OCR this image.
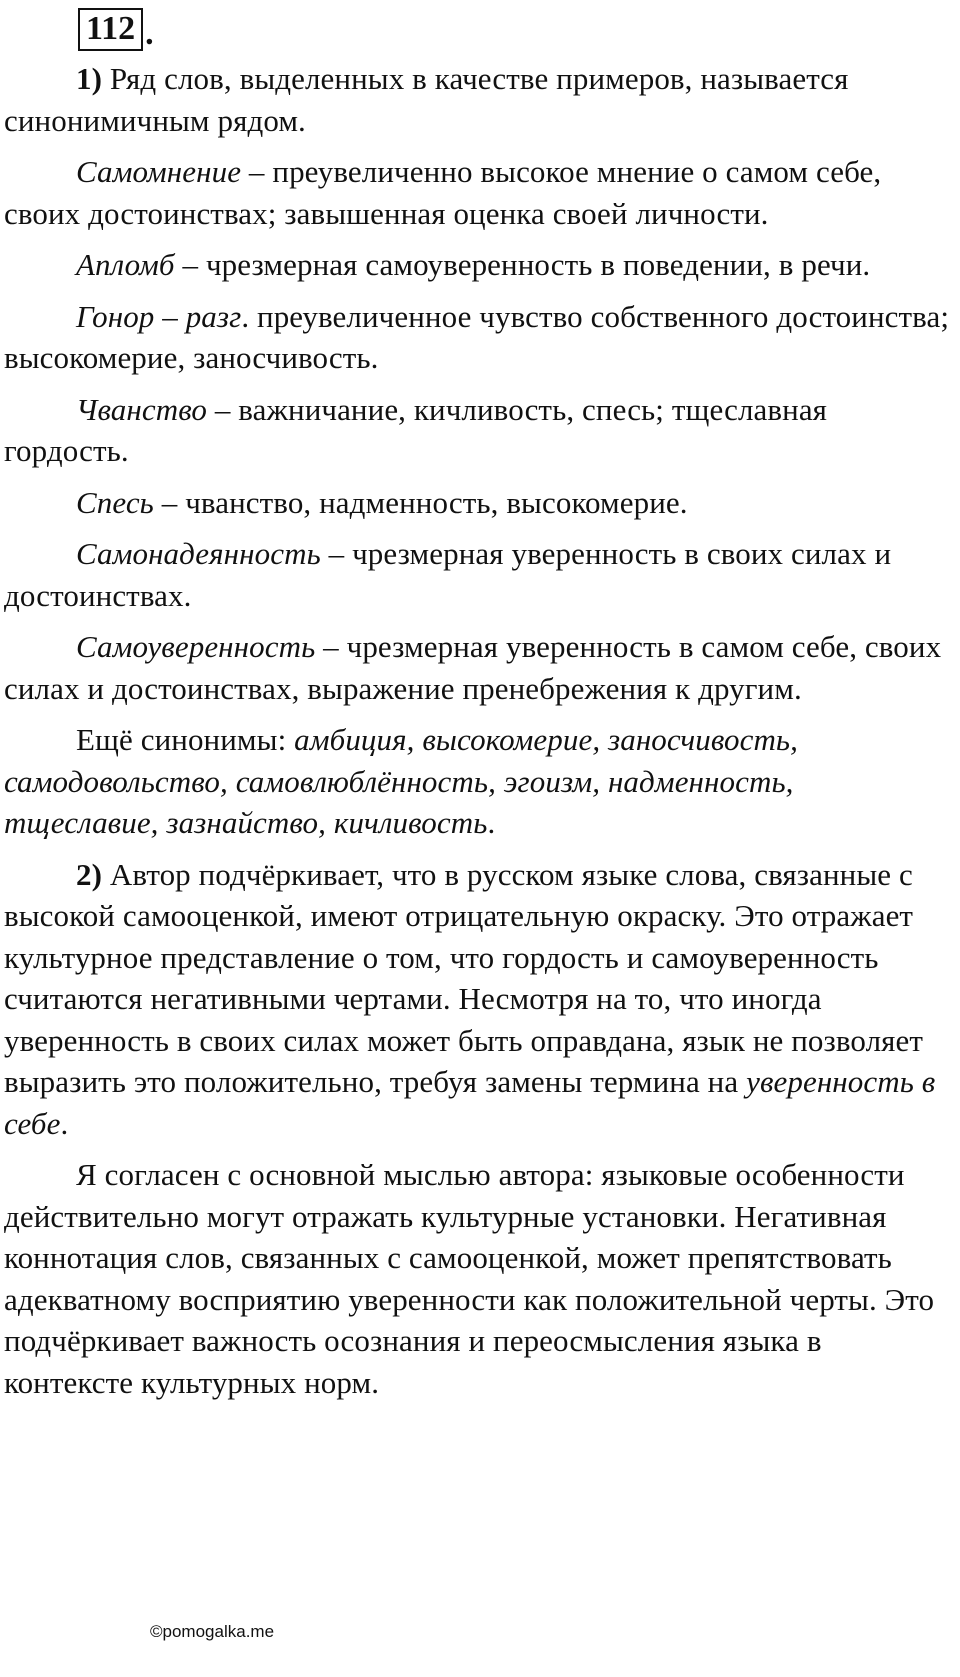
112 .

1) Ряд слов, выделенных в качестве примеров, называется синонимичным рядом.

Самомнение – преувеличенно высокое мнение о самом себе, своих достоинствах; завышенная оценка своей личности.

Апломб – чрезмерная самоуверенность в поведении, в речи.

Гонор – разг. преувеличенное чувство собственного достоинства; высокомерие, заносчивость.

Чванство – важничание, кичливость, спесь; тщеславная гордость.

Спесь – чванство, надменность, высокомерие.

Самонадеянность – чрезмерная уверенность в своих силах и достоинствах.

Самоуверенность – чрезмерная уверенность в самом себе, своих силах и достоинствах, выражение пренебрежения к другим.

Ещё синонимы: амбиция, высокомерие, заносчивость, самодовольство, самовлюблённость, эгоизм, надменность, тщеславие, зазнайство, кичливость.

2) Автор подчёркивает, что в русском языке слова, связанные с высокой самооценкой, имеют отрицательную окраску. Это отражает культурное представление о том, что гордость и самоуверенность считаются негативными чертами. Несмотря на то, что иногда уверенность в своих силах может быть оправдана, язык не позволяет выразить это положительно, требуя замены термина на уверенность в себе.

Я согласен с основной мыслью автора: языковые особенности действительно могут отражать культурные установки. Негативная коннотация слов, связанных с самооценкой, может препятствовать адекватному восприятию уверенности как положительной черты. Это подчёркивает важность осознания и переосмысления языка в контексте культурных норм.

©pomogalka.me
